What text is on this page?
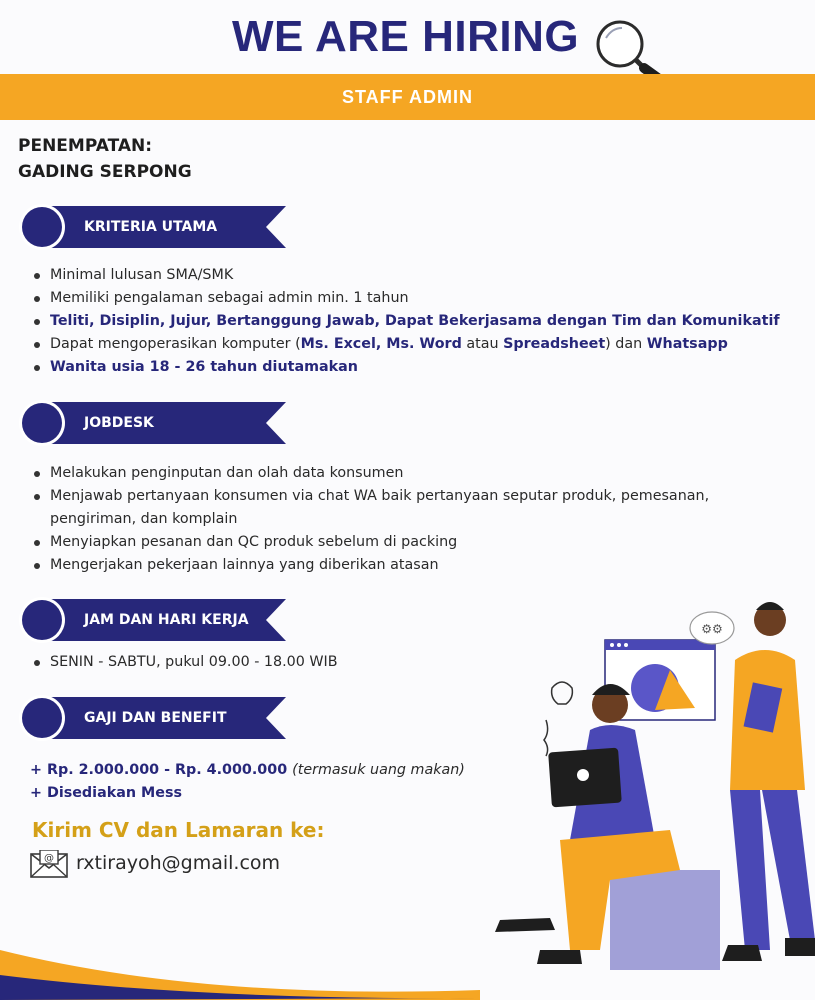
WE ARE HIRING
STAFF ADMIN
PENEMPATAN:
GADING SERPONG
KRITERIA UTAMA
Minimal lulusan SMA/SMK
Memiliki pengalaman sebagai admin min. 1 tahun
Teliti, Disiplin, Jujur, Bertanggung Jawab, Dapat Bekerjasama dengan Tim dan Komunikatif
Dapat mengoperasikan komputer (Ms. Excel, Ms. Word atau Spreadsheet) dan Whatsapp
Wanita usia 18 - 26 tahun diutamakan
JOBDESK
Melakukan penginputan dan olah data konsumen
Menjawab pertanyaan konsumen via chat WA baik pertanyaan seputar produk, pemesanan, pengiriman, dan komplain
Menyiapkan pesanan dan QC produk sebelum di packing
Mengerjakan pekerjaan lainnya yang diberikan atasan
JAM DAN HARI KERJA
SENIN - SABTU, pukul 09.00 - 18.00 WIB
GAJI DAN BENEFIT
+ Rp. 2.000.000 - Rp. 4.000.000 (termasuk uang makan)
+ Disediakan Mess
Kirim CV dan Lamaran ke:
@ rxtirayoh@gmail.com
⚙⚙
